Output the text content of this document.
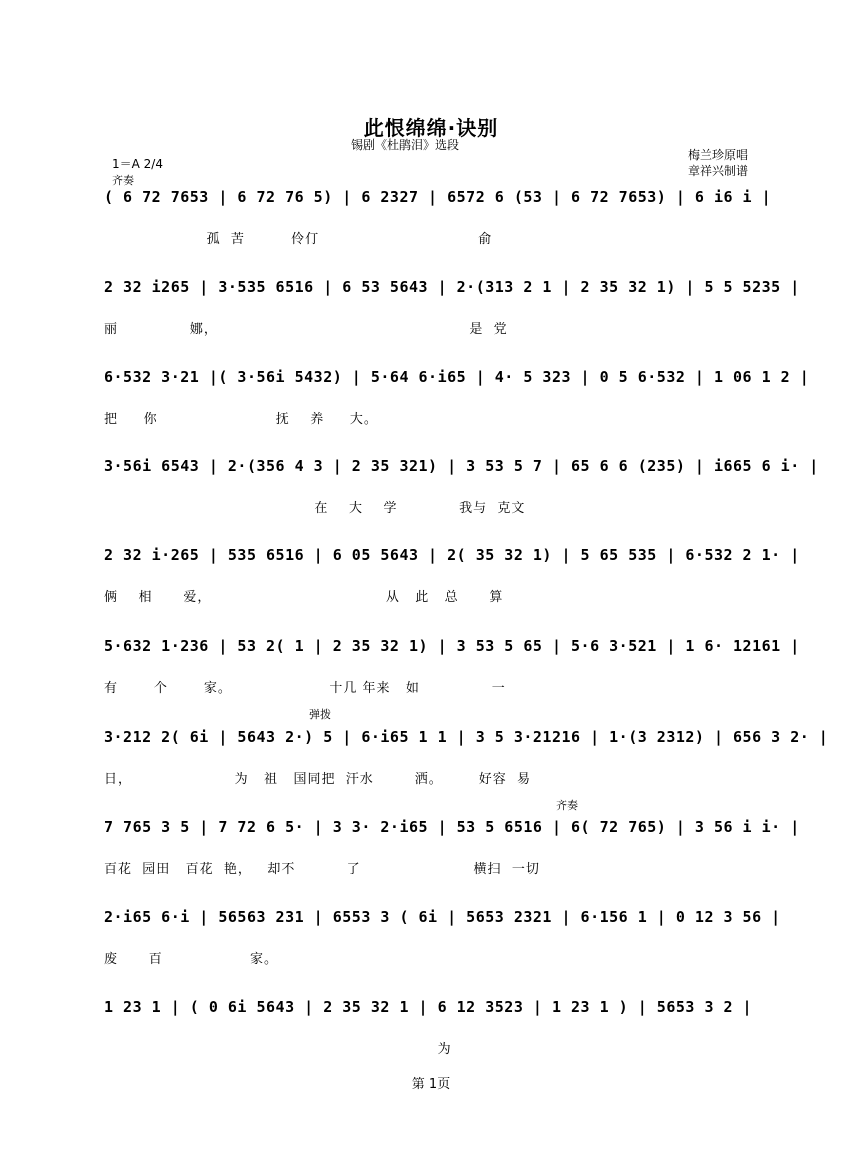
此恨绵绵·诀别
锡剧《杜鹃泪》选段
梅兰珍原唱
章祥兴制谱
1＝A 2/4
齐奏
弹拨
齐奏
( 6 72 7653 | 6 72 76 5) | 6 2327 | 6572 6 (53 | 6 72 7653) | 6 i6 i |
孤  苦         伶仃                               俞
2 32 i265 | 3·535 6516 | 6 53 5643 | 2·(313 2 1 | 2 35 32 1) | 5 5 5235 |
丽              娜，                                                 是  党
6·532 3·21 |( 3·56i 5432) | 5·64 6·i65 | 4· 5 323 | 0 5 6·532 | 1 06 1 2 |
把     你                       抚    养     大。
3·56i 6543 | 2·(356 4 3 | 2 35 321) | 3 53 5 7 | 65 6 6 (235) | i665 6 i· |
在    大    学            我与  克文
2 32 i·265 | 535 6516 | 6 05 5643 | 2( 35 32 1) | 5 65 535 | 6·532 2 1· |
俩    相      爱，                                  从   此   总      算
5·632 1·236 | 53 2( 1 | 2 35 32 1) | 3 53 5 65 | 5·6 3·521 | 1 6· 12161 |
有       个       家。                   十几 年来   如              一
3·212 2( 6i | 5643 2·) 5 | 6·i65 1 1 | 3 5 3·21216 | 1·(3 2312) | 656 3 2· |
日，                    为   祖   国同把  汗水        洒。       好容  易
7 765 3 5 | 7 72 6 5· | 3 3· 2·i65 | 53 5 6516 | 6( 72 765) | 3 56 i i· |
百花  园田   百花  艳，   却不          了                      横扫  一切
2·i65 6·i | 56563 231 | 6553 3 ( 6i | 5653 2321 | 6·156 1 | 0 12 3 56 |
废      百                 家。
1 23 1 | ( 0 6i 5643 | 2 35 32 1 | 6 12 3523 | 1 23 1 ) | 5653 3 2 |
为
第 1页
